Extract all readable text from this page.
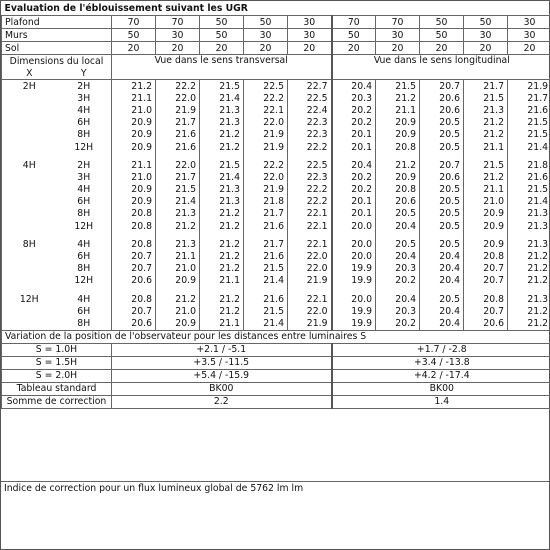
Evaluation de l'éblouissement suivant les UGR											
Plafond		70	70	50	50	30	70	70	50	50	30
Murs		50	30	50	30	30	50	30	50	30	30
Sol		20	20	20	20	20	20	20	20	20	20
Dimensions du local		Vue dans le sens transversal					Vue dans le sens longitudinal				
X	Y										
2H	2H	21.2	22.2	21.5	22.5	22.7	20.4	21.5	20.7	21.7	21.9
	3H	21.1	22.0	21.4	22.2	22.5	20.3	21.2	20.6	21.5	21.7
	4H	21.0	21.9	21.3	22.1	22.4	20.2	21.1	20.6	21.3	21.6
	6H	20.9	21.7	21.3	22.0	22.3	20.2	20.9	20.5	21.2	21.5
	8H	20.9	21.6	21.2	21.9	22.3	20.1	20.9	20.5	21.2	21.5
	12H	20.9	21.6	21.2	21.9	22.2	20.1	20.8	20.5	21.1	21.4

4H	2H	21.1	22.0	21.5	22.2	22.5	20.4	21.2	20.7	21.5	21.8
	3H	21.0	21.7	21.4	22.0	22.3	20.2	20.9	20.6	21.2	21.6
	4H	20.9	21.5	21.3	21.9	22.2	20.2	20.8	20.5	21.1	21.5
	6H	20.9	21.4	21.3	21.8	22.2	20.1	20.6	20.5	21.0	21.4
	8H	20.8	21.3	21.2	21.7	22.1	20.1	20.5	20.5	20.9	21.3
	12H	20.8	21.2	21.2	21.6	22.1	20.0	20.4	20.5	20.9	21.3

8H	4H	20.8	21.3	21.2	21.7	22.1	20.0	20.5	20.5	20.9	21.3
	6H	20.7	21.1	21.2	21.6	22.0	20.0	20.4	20.4	20.8	21.2
	8H	20.7	21.0	21.2	21.5	22.0	19.9	20.3	20.4	20.7	21.2
	12H	20.6	20.9	21.1	21.4	21.9	19.9	20.2	20.4	20.7	21.2

12H	4H	20.8	21.2	21.2	21.6	22.1	20.0	20.4	20.5	20.8	21.3
	6H	20.7	21.0	21.2	21.5	22.0	19.9	20.3	20.4	20.7	21.2
	8H	20.6	20.9	21.1	21.4	21.9	19.9	20.2	20.4	20.6	21.2
Variation de la position de l'observateur pour les distances entre luminaires S											
S = 1.0H		+2.1 / -5.1					+1.7 / -2.8				
S = 1.5H		+3.5 / -11.5					+3.4 / -13.8				
S = 2.0H		+5.4 / -15.9					+4.2 / -17.4				
Tableau standard		BK00					BK00				
Somme de correction		2.2					1.4				
Indice de correction pour un flux lumineux global de 5762 lm lm
